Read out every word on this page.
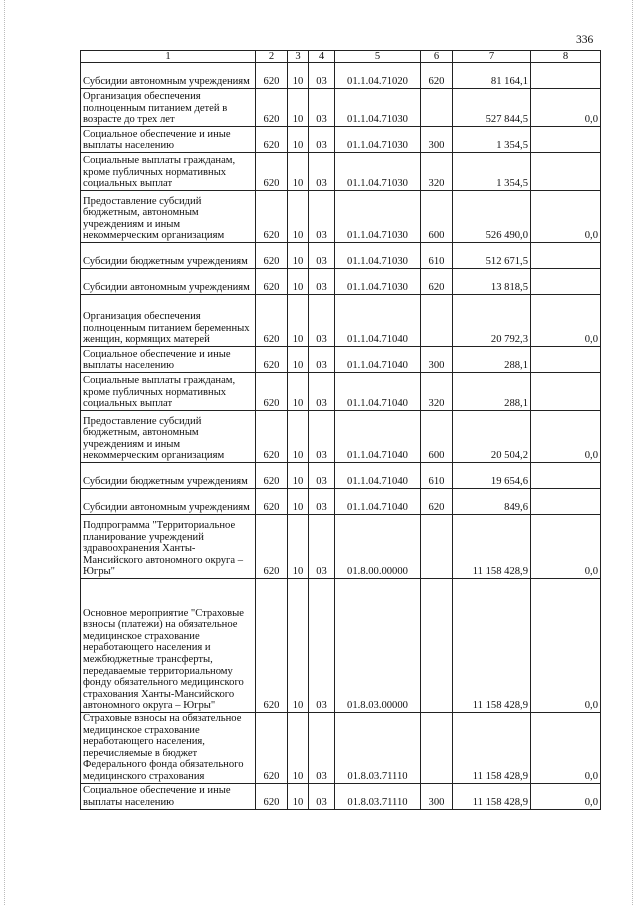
336
1	2	3	4	5	6	7	8
Субсидии автономным учреждениям	620	10	03	01.1.04.71020	620	81 164,1	
Организация обеспечения полноценным питанием детей в возрасте до трех лет	620	10	03	01.1.04.71030		527 844,5	0,0
Социальное обеспечение и иные выплаты населению	620	10	03	01.1.04.71030	300	1 354,5	
Социальные выплаты гражданам, кроме публичных нормативных социальных выплат	620	10	03	01.1.04.71030	320	1 354,5	
Предоставление субсидий бюджетным, автономным учреждениям и иным некоммерческим организациям	620	10	03	01.1.04.71030	600	526 490,0	0,0
Субсидии бюджетным учреждениям	620	10	03	01.1.04.71030	610	512 671,5	
Субсидии автономным учреждениям	620	10	03	01.1.04.71030	620	13 818,5	
Организация обеспечения полноценным питанием беременных женщин, кормящих матерей	620	10	03	01.1.04.71040		20 792,3	0,0
Социальное обеспечение и иные выплаты населению	620	10	03	01.1.04.71040	300	288,1	
Социальные выплаты гражданам, кроме публичных нормативных социальных выплат	620	10	03	01.1.04.71040	320	288,1	
Предоставление субсидий бюджетным, автономным учреждениям и иным некоммерческим организациям	620	10	03	01.1.04.71040	600	20 504,2	0,0
Субсидии бюджетным учреждениям	620	10	03	01.1.04.71040	610	19 654,6	
Субсидии автономным учреждениям	620	10	03	01.1.04.71040	620	849,6	
Подпрограмма "Территориальное планирование учреждений здравоохранения Ханты-Мансийского автономного округа – Югры"	620	10	03	01.8.00.00000		11 158 428,9	0,0
Основное мероприятие "Страховые взносы (платежи) на обязательное медицинское страхование неработающего населения и межбюджетные трансферты, передаваемые территориальному фонду обязательного медицинского страхования Ханты-Мансийского автономного округа – Югры"	620	10	03	01.8.03.00000		11 158 428,9	0,0
Страховые взносы на обязательное медицинское страхование неработающего населения, перечисляемые в бюджет Федерального фонда обязательного медицинского страхования	620	10	03	01.8.03.71110		11 158 428,9	0,0
Социальное обеспечение и иные выплаты населению	620	10	03	01.8.03.71110	300	11 158 428,9	0,0
